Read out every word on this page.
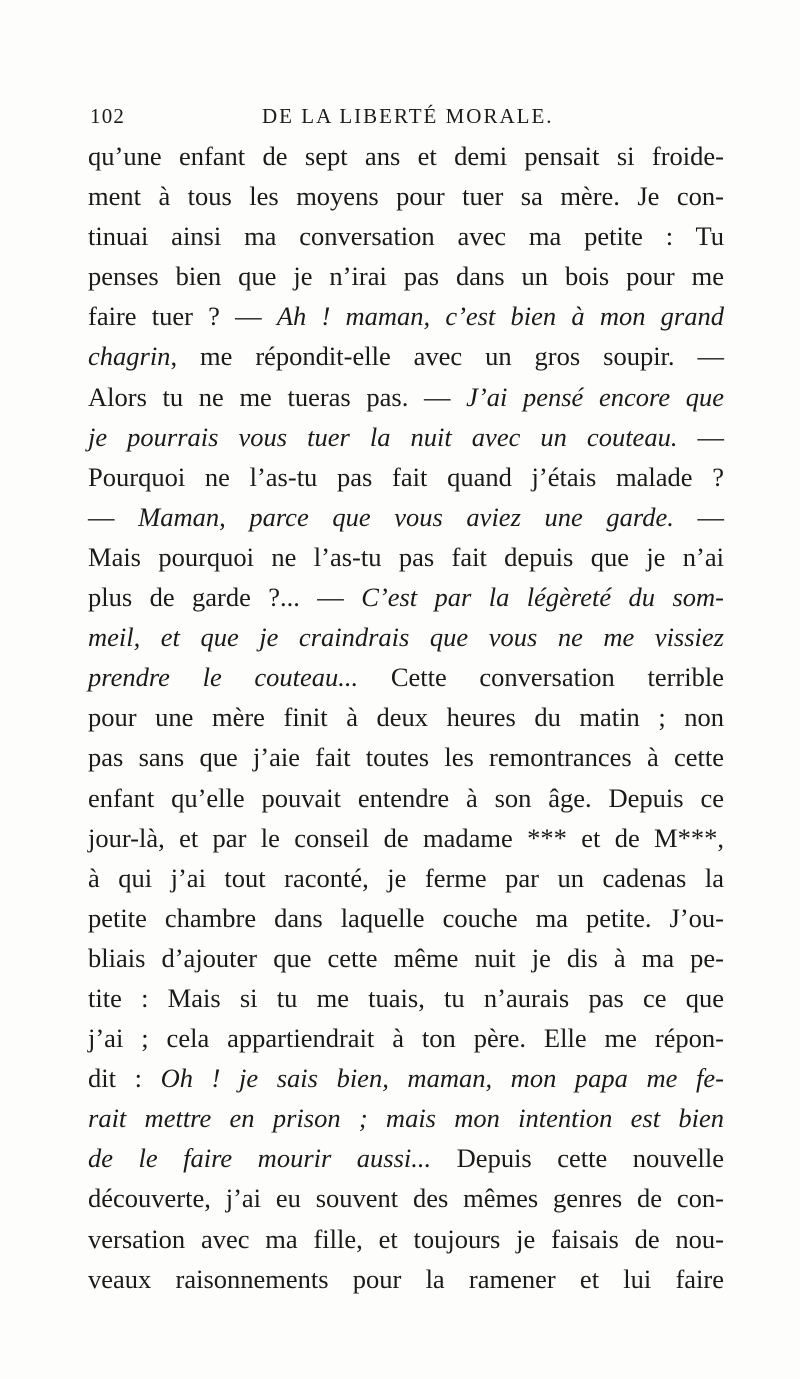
102	DE LA LIBERTÉ MORALE.
qu’une enfant de sept ans et demi pensait si froide-
ment à tous les moyens pour tuer sa mère. Je con-
tinuai ainsi ma conversation avec ma petite : Tu
penses bien que je n’irai pas dans un bois pour me
faire tuer ? — Ah ! maman, c’est bien à mon grand
chagrin, me répondit-elle avec un gros soupir. —
Alors tu ne me tueras pas. — J’ai pensé encore que
je pourrais vous tuer la nuit avec un couteau. —
Pourquoi ne l’as-tu pas fait quand j’étais malade ?
— Maman, parce que vous aviez une garde. —
Mais pourquoi ne l’as-tu pas fait depuis que je n’ai
plus de garde ?... — C’est par la légèreté du som-
meil, et que je craindrais que vous ne me vissiez
prendre le couteau... Cette conversation terrible
pour une mère finit à deux heures du matin ; non
pas sans que j’aie fait toutes les remontrances à cette
enfant qu’elle pouvait entendre à son âge. Depuis ce
jour-là, et par le conseil de madame *** et de M***,
à qui j’ai tout raconté, je ferme par un cadenas la
petite chambre dans laquelle couche ma petite. J’ou-
bliais d’ajouter que cette même nuit je dis à ma pe-
tite : Mais si tu me tuais, tu n’aurais pas ce que
j’ai ; cela appartiendrait à ton père. Elle me répon-
dit : Oh ! je sais bien, maman, mon papa me fe-
rait mettre en prison ; mais mon intention est bien
de le faire mourir aussi... Depuis cette nouvelle
découverte, j’ai eu souvent des mêmes genres de con-
versation avec ma fille, et toujours je faisais de nou-
veaux raisonnements pour la ramener et lui faire
